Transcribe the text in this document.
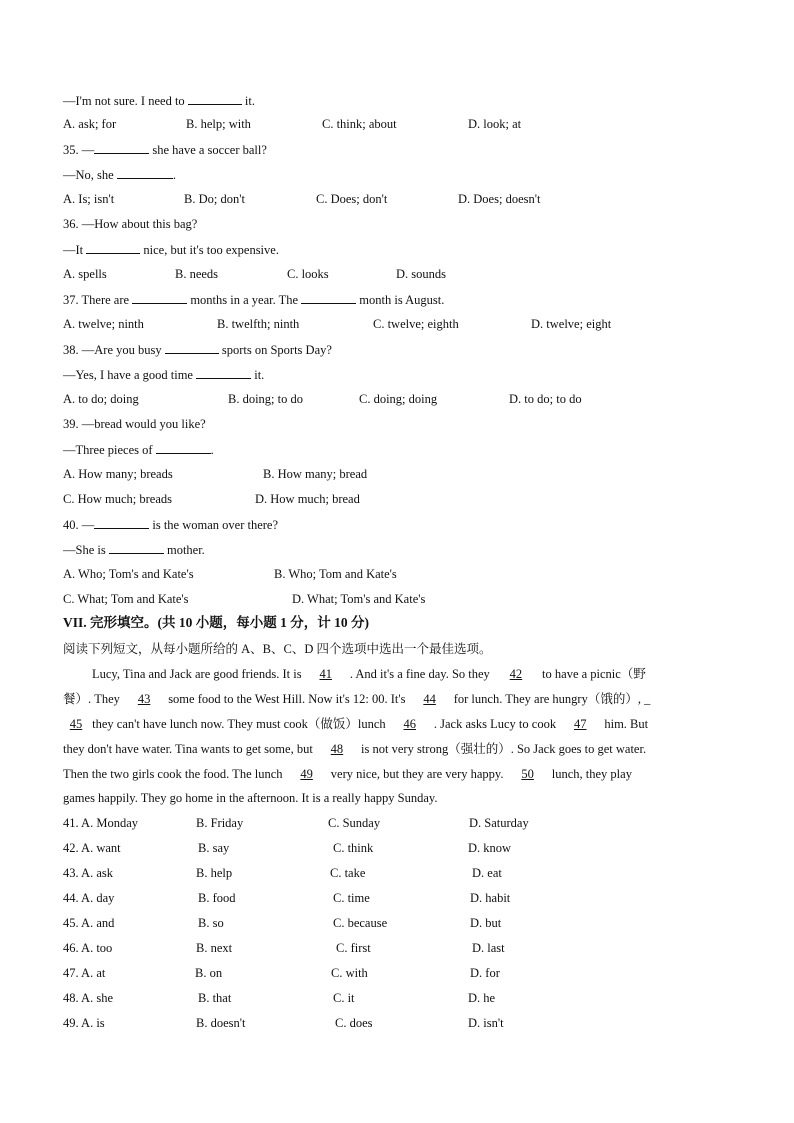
—I'm not sure. I need to	it.
A. ask; for	B. help; with	C. think; about	D. look; at
35. —	she have a soccer ball?
—No, she	.
A. Is; isn't	B. Do; don't	C. Does; don't	D. Does; doesn't
36. —How about this bag?
—It	nice, but it's too expensive.
A. spells	B. needs	C. looks	D. sounds
37. There are	months in a year. The	month is August.
A. twelve; ninth	B. twelfth; ninth	C. twelve; eighth	D. twelve; eight
38. —Are you busy	sports on Sports Day?
—Yes, I have a good time	it.
A. to do; doing	B. doing; to do	C. doing; doing	D. to do; to do
39. —bread would you like?
—Three pieces of	.
A. How many; breads	B. How many; bread
C. How much; breads	D. How much; bread
40. —	is the woman over there?
—She is	mother.
A. Who; Tom's and Kate's	B. Who; Tom and Kate's
C. What; Tom and Kate's	D. What; Tom's and Kate's
VII. 完形填空。(共 10 小题，每小题 1 分，计 10 分)
阅读下列短文，从每小题所给的 A、B、C、D 四个选项中选出一个最佳选项。
Lucy, Tina and Jack are good friends. It is 41 . And it's a fine day. So they 42 to have a picnic（野
餐）. They 43 some food to the West Hill. Now it's 12: 00. It's 44 for lunch. They are hungry（饿的）, _
45 they can't have lunch now. They must cook（做饭）lunch 46 . Jack asks Lucy to cook 47 him. But
they don't have water. Tina wants to get some, but 48 is not very strong（强壮的）. So Jack goes to get water.
Then the two girls cook the food. The lunch 49 very nice, but they are very happy. 50 lunch, they play
games happily. They go home in the afternoon. It is a really happy Sunday.
41. A. Monday	B. Friday	C. Sunday	D. Saturday
42. A. want	B. say	C. think	D. know
43. A. ask	B. help	C. take	D. eat
44. A. day	B. food	C. time	D. habit
45. A. and	B. so	C. because	D. but
46. A. too	B. next	C. first	D. last
47. A. at	B. on	C. with	D. for
48. A. she	B. that	C. it	D. he
49. A. is	B. doesn't	C. does	D. isn't
